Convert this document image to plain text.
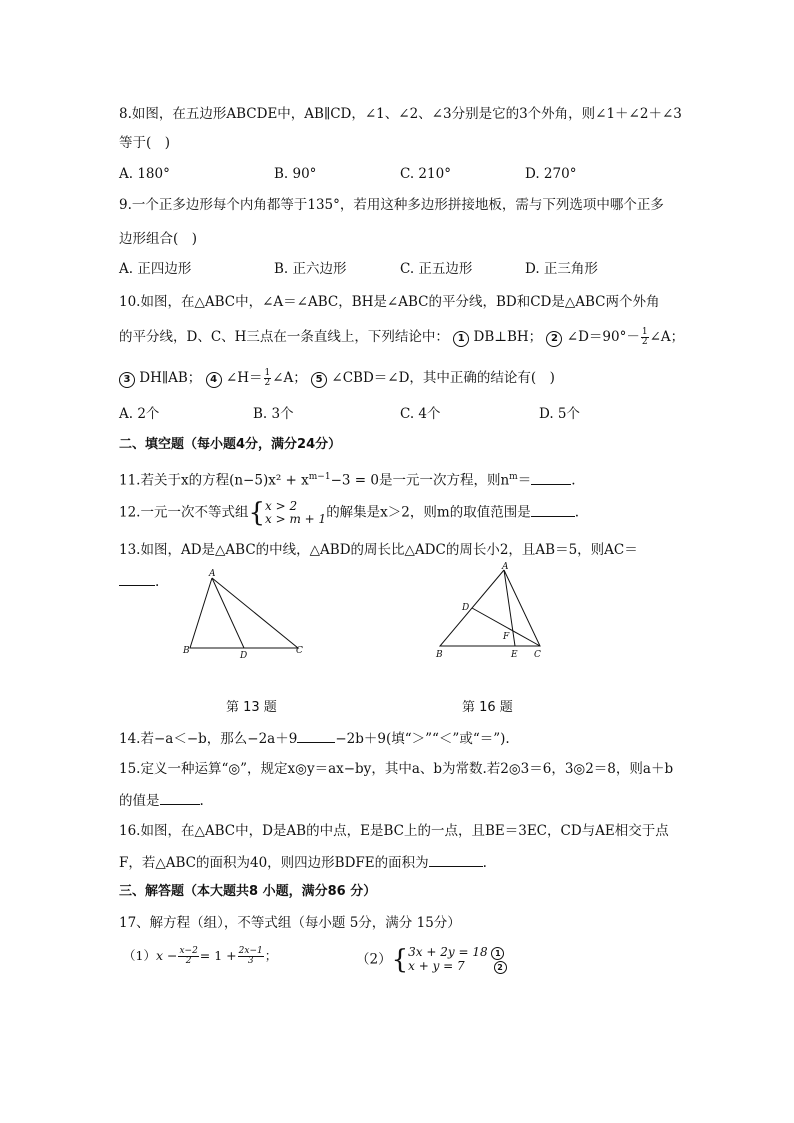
8.如图，在五边形ABCDE中，AB∥CD，∠1、∠2、∠3分别是它的3个外角，则∠1＋∠2＋∠3
等于(　)
A. 180°	B. 90°	C. 210°	D. 270°
9.一个正多边形每个内角都等于135°，若用这种多边形拼接地板，需与下列选项中哪个正多
边形组合(　)
A. 正四边形	B. 正六边形	C. 正五边形	D. 正三角形
10.如图，在△ABC中，∠A＝∠ABC，BH是∠ABC的平分线，BD和CD是△ABC两个外角
的平分线，D、C、H三点在一条直线上，下列结论中： 1 DB⊥BH； 2 ∠D＝90°－ $\frac{1}{2}$ ∠A；
3 DH∥AB； 4 ∠H＝ $\frac{1}{2}$ ∠A； 5 ∠CBD＝∠D，其中正确的结论有(　)
A. 2个	B. 3个	C. 4个	D. 5个
二、填空题（每小题4分，满分24分）
11.若关于x的方程$(n-5)x^2 + x^{m-1}-3 = 0$是一元一次方程，则$n^m=$	.
12.一元一次不等式组{ x > 2
x > m + 1 的解集是x＞2，则m的取值范围是	.
13.如图，AD是△ABC的中线，△ABD的周长比△ADC的周长小2，且AB＝5，则AC＝
.	A
B	C
D
第 13 题
A
B	C
D
E
F
第 16 题
14.若−a＜−b，那么−2a＋9	−2b＋9(填“＞”“＜”或“＝”).
15.定义一种运算“◎”，规定x◎y＝ax−by，其中a、b为常数.若2◎3＝6，3◎2＝8，则a＋b
的值是	.
16.如图，在△ABC中，D是AB的中点，E是BC上的一点，且BE＝3EC，CD与AE相交于点
F，若△ABC的面积为40，则四边形BDFE的面积为	.
三、解答题（本大题共8 小题，满分86 分）
17、解方程（组），不等式组（每小题 5分，满分 15分）
$(1)x - \frac{x-2}{2} = 1 + \frac{2x-1}{3}$ ；	（2）{ 3x + 2y = 18 1
x + y = 7	2
